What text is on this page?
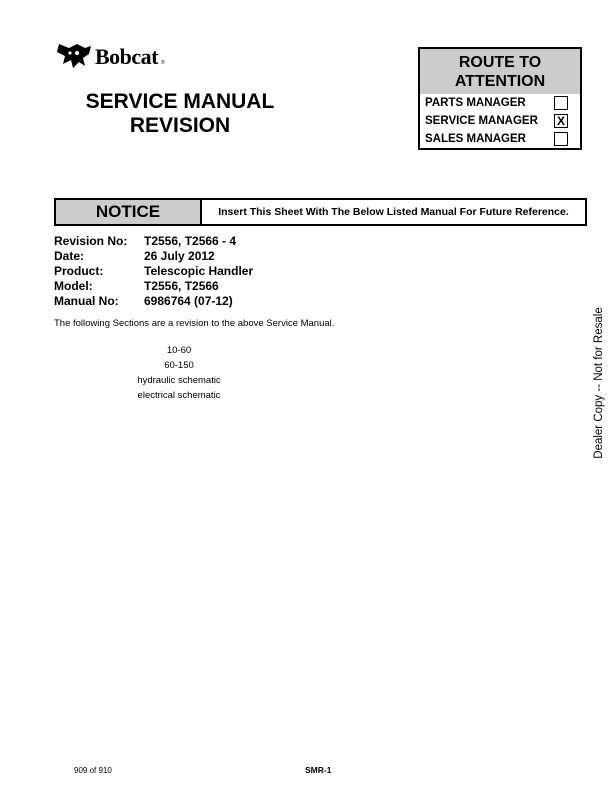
Bobcat ®
SERVICE MANUAL
REVISION
ROUTE TO
ATTENTION
PARTS MANAGER
SERVICE MANAGER X
SALES MANAGER
NOTICE	Insert This Sheet With The Below Listed Manual For Future Reference.
Revision No:	T2556, T2566 - 4
Date:	26 July 2012
Product:	Telescopic Handler
Model:	T2556, T2566
Manual No:	6986764 (07-12)
The following Sections are a revision to the above Service Manual.
10-60
60-150
hydraulic schematic
electrical schematic	Dealer Copy -- Not for Resale
909 of 910	SMR-1
